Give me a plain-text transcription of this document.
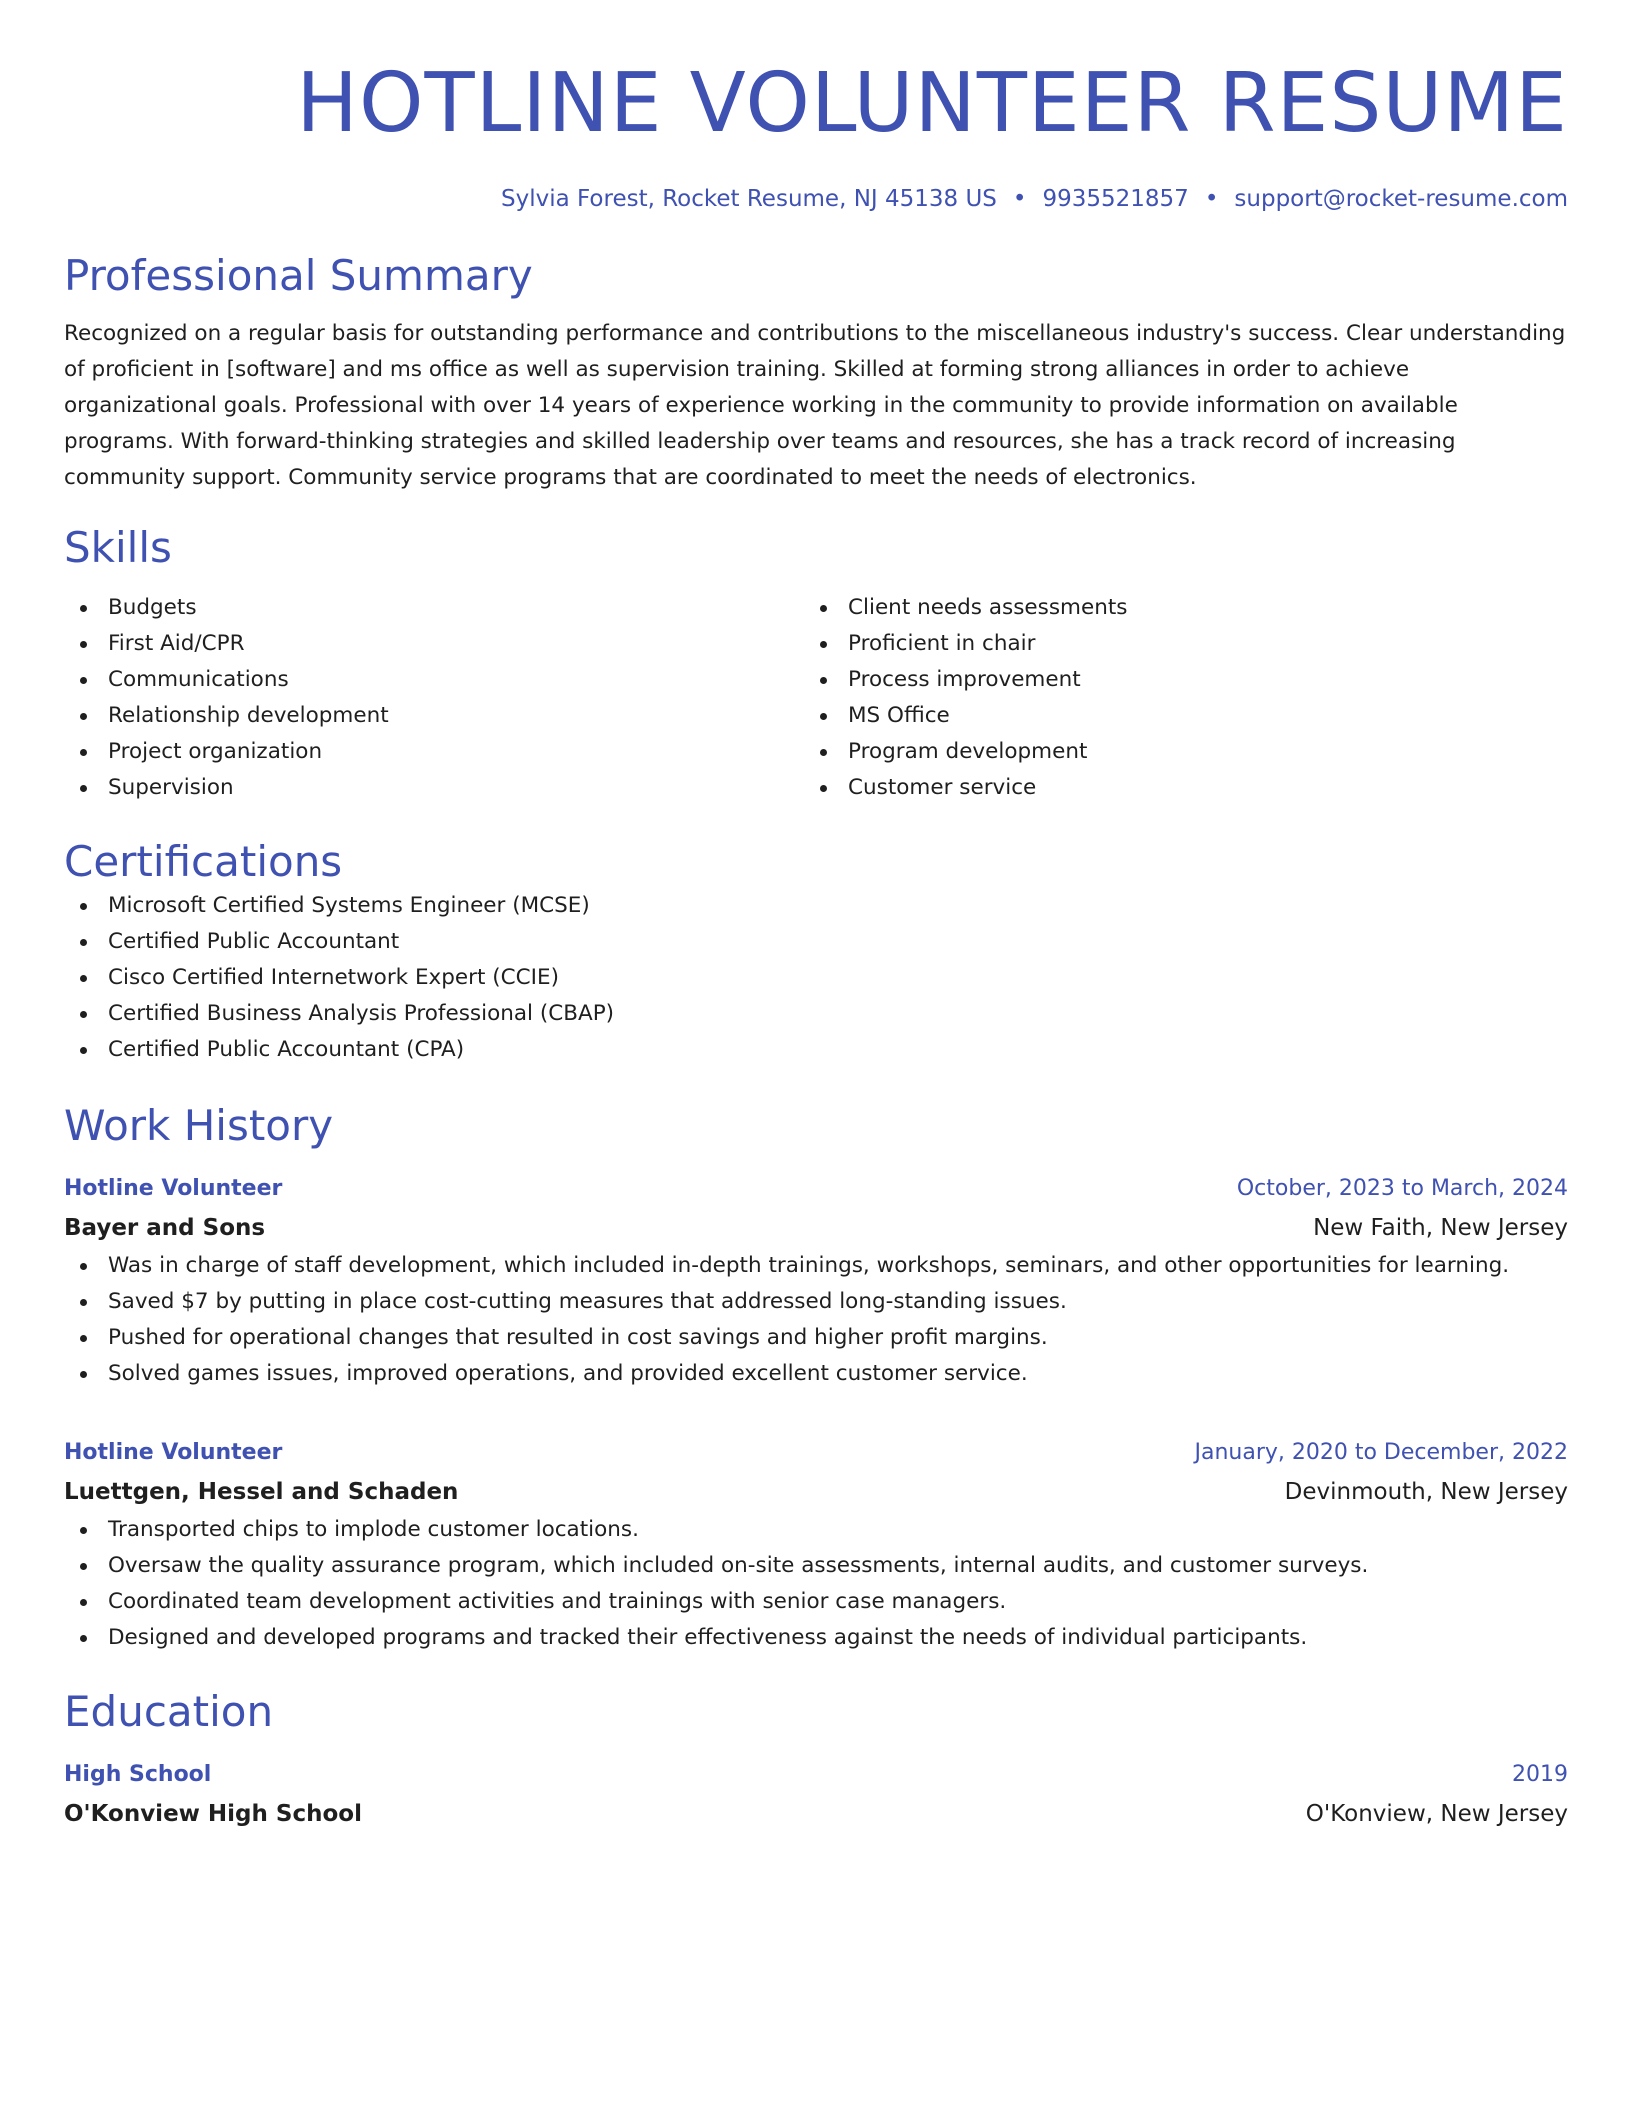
HOTLINE VOLUNTEER RESUME
Sylvia Forest, Rocket Resume, NJ 45138 US • 9935521857 • support@rocket-resume.com
Professional Summary

Recognized on a regular basis for outstanding performance and contributions to the miscellaneous industry's success. Clear understanding of proficient in [software] and ms office as well as supervision training. Skilled at forming strong alliances in order to achieve organizational goals. Professional with over 14 years of experience working in the community to provide information on available programs. With forward-thinking strategies and skilled leadership over teams and resources, she has a track record of increasing community support. Community service programs that are coordinated to meet the needs of electronics.

Skills
Budgets
First Aid/CPR
Communications
Relationship development
Project organization
Supervision
Client needs assessments
Proficient in chair
Process improvement
MS Office
Program development
Customer service
Certifications
Microsoft Certified Systems Engineer (MCSE)
Certified Public Accountant
Cisco Certified Internetwork Expert (CCIE)
Certified Business Analysis Professional (CBAP)
Certified Public Accountant (CPA)
Work History
Hotline Volunteer	October, 2023 to March, 2024
Bayer and Sons	New Faith, New Jersey
Was in charge of staff development, which included in-depth trainings, workshops, seminars, and other opportunities for learning.
Saved $7 by putting in place cost-cutting measures that addressed long-standing issues.
Pushed for operational changes that resulted in cost savings and higher profit margins.
Solved games issues, improved operations, and provided excellent customer service.
Hotline Volunteer	January, 2020 to December, 2022
Luettgen, Hessel and Schaden	Devinmouth, New Jersey
Transported chips to implode customer locations.
Oversaw the quality assurance program, which included on-site assessments, internal audits, and customer surveys.
Coordinated team development activities and trainings with senior case managers.
Designed and developed programs and tracked their effectiveness against the needs of individual participants.
Education
High School	2019
O'Konview High School	O'Konview, New Jersey
